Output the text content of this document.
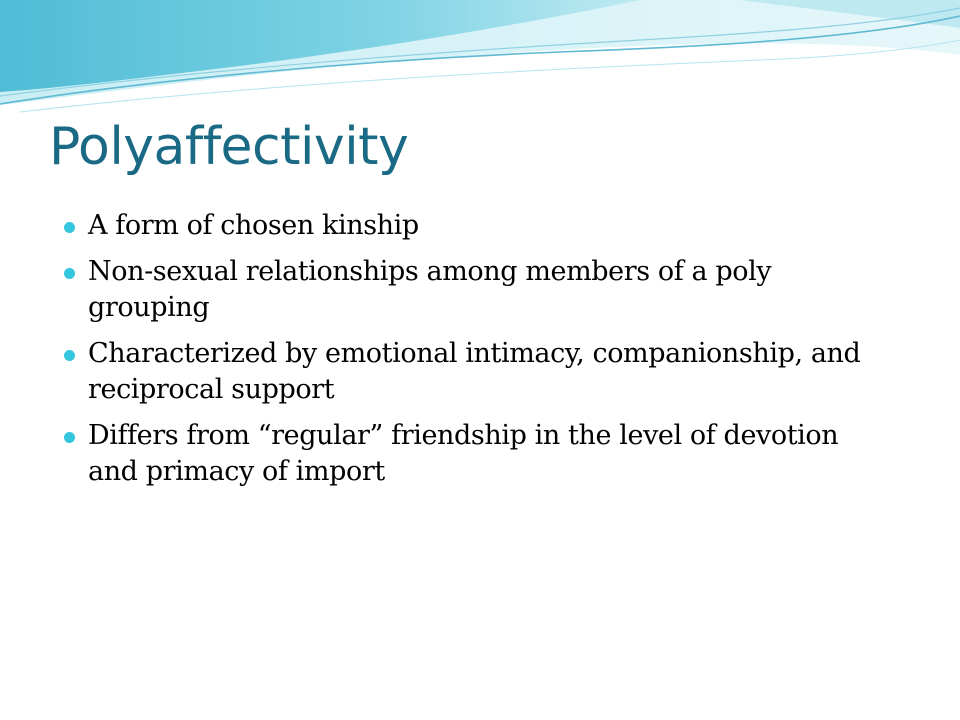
Polyaffectivity
A form of chosen kinship
Non-sexual relationships among members of a poly grouping
Characterized by emotional intimacy, companionship, and reciprocal support
Differs from “regular” friendship in the level of devotion and primacy of import
